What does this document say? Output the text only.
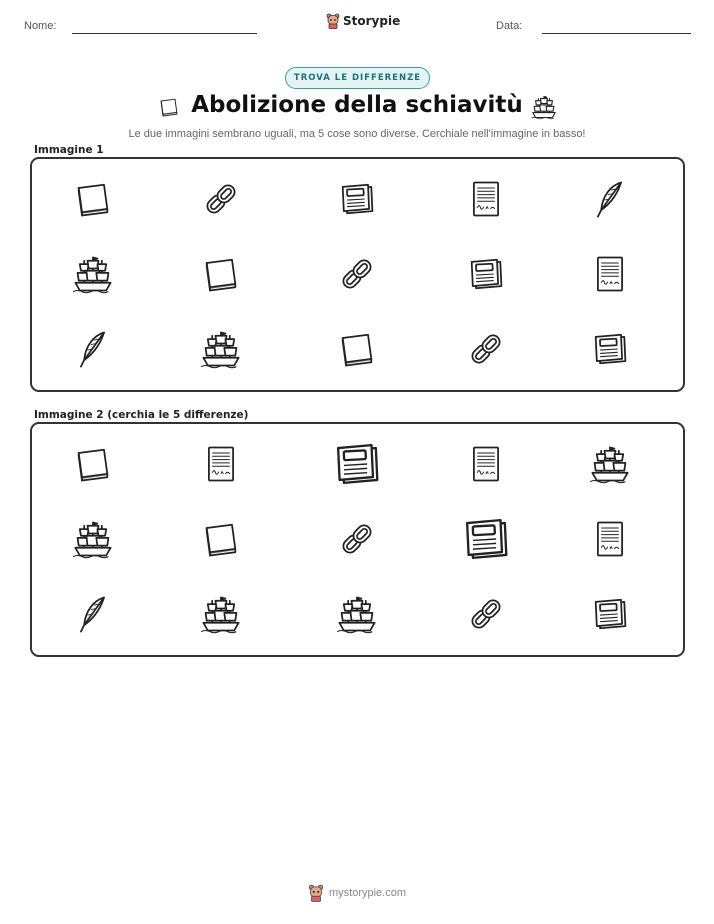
Nome:	Storypie	Data:
TROVA LE DIFFERENZE
Abolizione della schiavitù
Le due immagini sembrano uguali, ma 5 cose sono diverse. Cerchiale nell'immagine in basso!
Immagine 1
Immagine 2 (cerchia le 5 differenze)
mystorypie.com
